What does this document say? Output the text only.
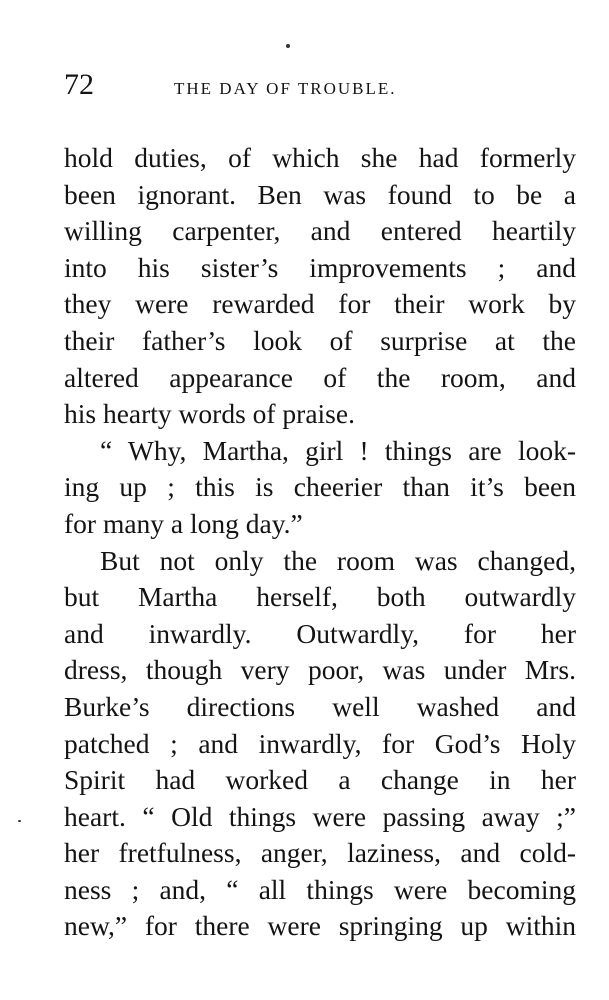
72	THE DAY OF TROUBLE.
hold duties, of which she had formerly
been ignorant. Ben was found to be a
willing carpenter, and entered heartily
into his sister’s improvements ; and
they were rewarded for their work by
their father’s look of surprise at the
altered appearance of the room, and
his hearty words of praise.
“ Why, Martha, girl ! things are look-
ing up ; this is cheerier than it’s been
for many a long day.”
But not only the room was changed,
but Martha herself, both outwardly
and inwardly. Outwardly, for her
dress, though very poor, was under Mrs.
Burke’s directions well washed and
patched ; and inwardly, for God’s Holy
Spirit had worked a change in her
heart. “ Old things were passing away ;”
her fretfulness, anger, laziness, and cold-
ness ; and, “ all things were becoming
new,” for there were springing up within
